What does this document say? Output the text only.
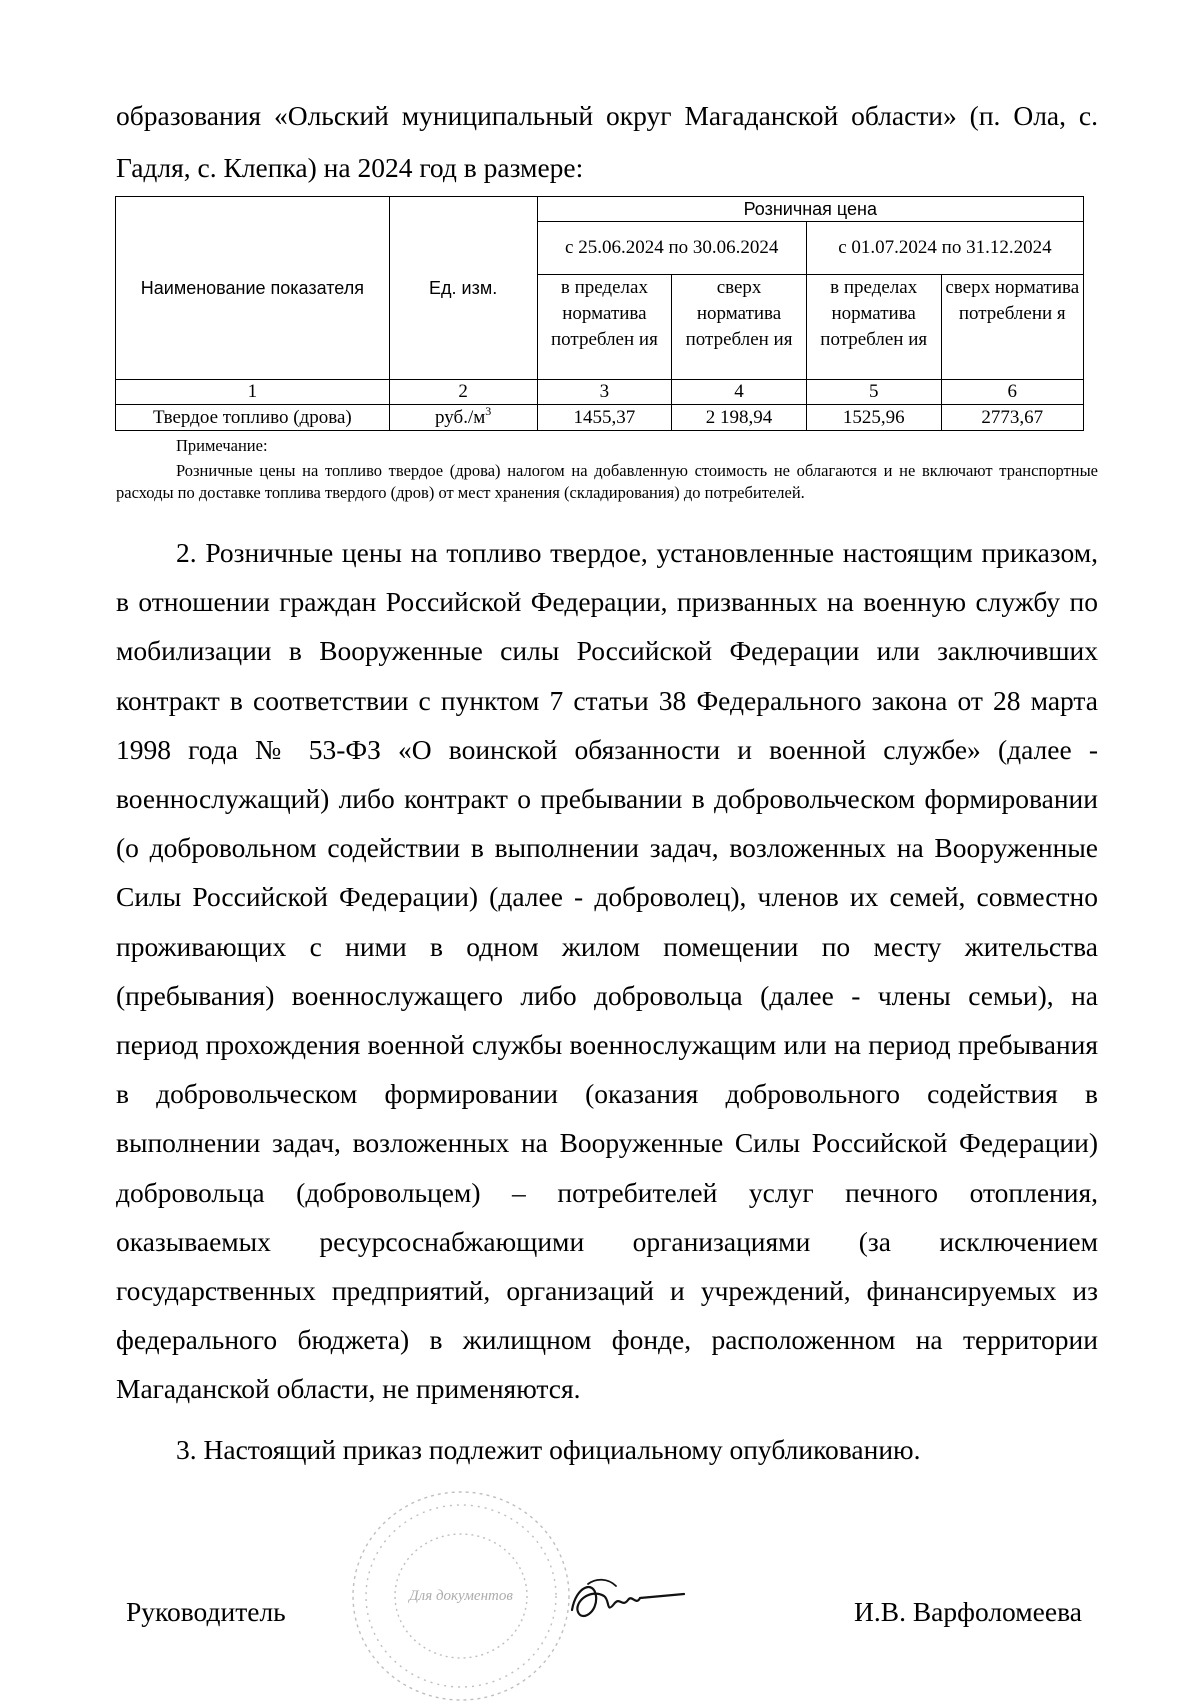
образования «Ольский муниципальный округ Магаданской области» (п. Ола, с. Гадля, с. Клепка) на 2024 год в размере:
Наименование показателя	Ед. изм.	Розничная цена			
		с 25.06.2024 по 30.06.2024		с 01.07.2024 по 31.12.2024	
		в пределах норматива потреблен ия	сверх норматива потреблен ия	в пределах норматива потреблен ия	сверх норматива потреблени я
1	2	3	4	5	6
Твердое топливо (дрова)	$руб./м^3$	1455,37	2 198,94	1525,96	2773,67
Примечание:
Розничные цены на топливо твердое (дрова) налогом на добавленную стоимость не облагаются и не включают транспортные расходы по доставке топлива твердого (дров) от мест хранения (складирования) до потребителей.
2. Розничные цены на топливо твердое, установленные настоящим приказом, в отношении граждан Российской Федерации, призванных на военную службу по мобилизации в Вооруженные силы Российской Федерации или заключивших контракт в соответствии с пунктом 7 статьи 38 Федерального закона от 28 марта 1998 года № 53-ФЗ «О воинской обязанности и военной службе» (далее - военнослужащий) либо контракт о пребывании в добровольческом формировании (о добровольном содействии в выполнении задач, возложенных на Вооруженные Силы Российской Федерации) (далее - доброволец), членов их семей, совместно проживающих с ними в одном жилом помещении по месту жительства (пребывания) военнослужащего либо добровольца (далее - члены семьи), на период прохождения военной службы военнослужащим или на период пребывания в добровольческом формировании (оказания добровольного содействия в выполнении задач, возложенных на Вооруженные Силы Российской Федерации) добровольца (добровольцем) – потребителей услуг печного отопления, оказываемых ресурсоснабжающими организациями (за исключением государственных предприятий, организаций и учреждений, финансируемых из федерального бюджета) в жилищном фонде, расположенном на территории Магаданской области, не применяются.
3. Настоящий приказ подлежит официальному опубликованию.
Руководитель	И.В. Варфоломеева
Для документов
